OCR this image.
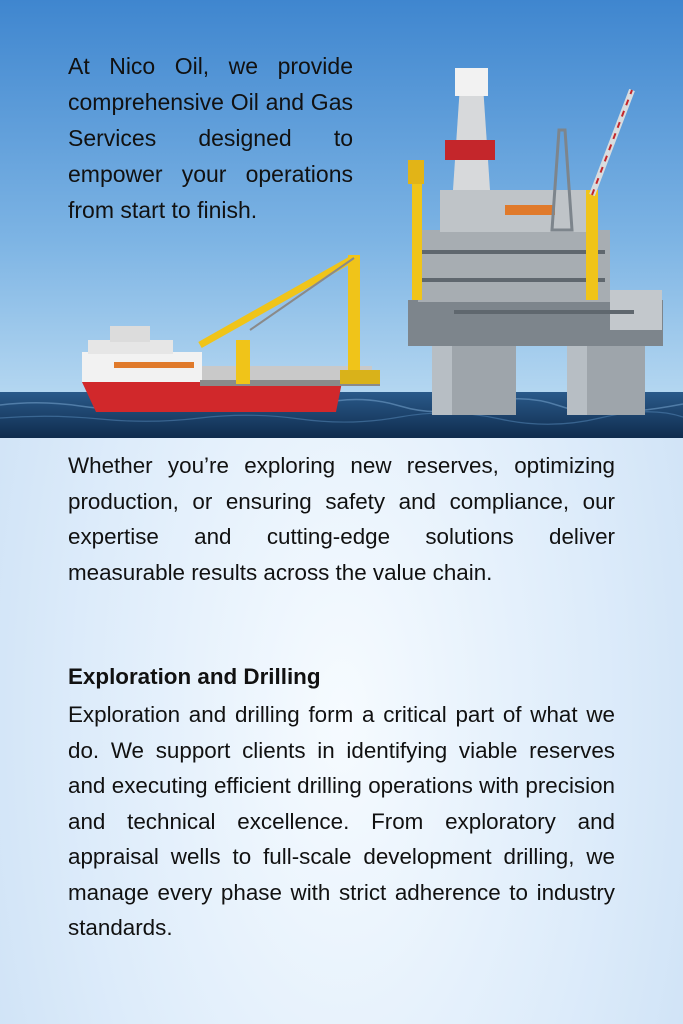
At Nico Oil, we provide comprehensive Oil and Gas Services designed to empower your operations from start to finish.

Whether you’re exploring new reserves, optimizing production, or ensuring safety and compliance, our expertise and cutting-edge solutions deliver measurable results across the value chain.

Exploration and Drilling

Exploration and drilling form a critical part of what we do. We support clients in identifying viable reserves and executing efficient drilling operations with precision and technical excellence. From exploratory and appraisal wells to full-scale development drilling, we manage every phase with strict adherence to industry standards.
